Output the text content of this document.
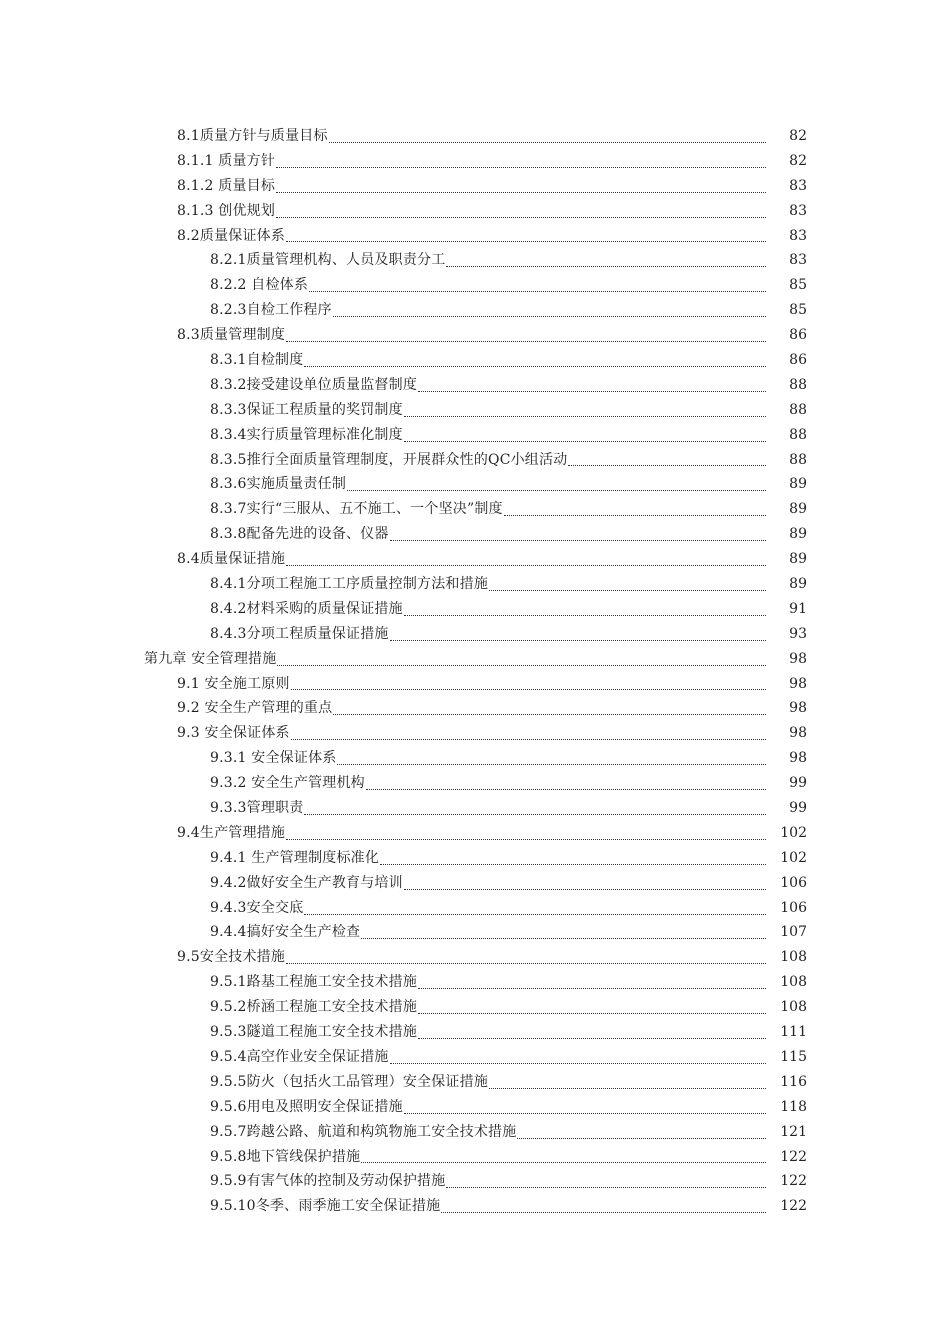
8.1质量方针与质量目标	82
8.1.1 质量方针	82
8.1.2 质量目标	83
8.1.3 创优规划	83
8.2质量保证体系	83
8.2.1质量管理机构、人员及职责分工	83
8.2.2 自检体系	85
8.2.3自检工作程序	85
8.3质量管理制度	86
8.3.1自检制度	86
8.3.2接受建设单位质量监督制度	88
8.3.3保证工程质量的奖罚制度	88
8.3.4实行质量管理标准化制度	88
8.3.5推行全面质量管理制度，开展群众性的QC小组活动	88
8.3.6实施质量责任制	89
8.3.7实行“三服从、五不施工、一个坚决”制度	89
8.3.8配备先进的设备、仪器	89
8.4质量保证措施	89
8.4.1分项工程施工工序质量控制方法和措施	89
8.4.2材料采购的质量保证措施	91
8.4.3分项工程质量保证措施	93
第九章 安全管理措施	98
9.1 安全施工原则	98
9.2 安全生产管理的重点	98
9.3 安全保证体系	98
9.3.1 安全保证体系	98
9.3.2 安全生产管理机构	99
9.3.3管理职责	99
9.4生产管理措施	102
9.4.1 生产管理制度标准化	102
9.4.2做好安全生产教育与培训	106
9.4.3安全交底	106
9.4.4搞好安全生产检查	107
9.5安全技术措施	108
9.5.1路基工程施工安全技术措施	108
9.5.2桥涵工程施工安全技术措施	108
9.5.3隧道工程施工安全技术措施	111
9.5.4高空作业安全保证措施	115
9.5.5防火（包括火工品管理）安全保证措施	116
9.5.6用电及照明安全保证措施	118
9.5.7跨越公路、航道和构筑物施工安全技术措施	121
9.5.8地下管线保护措施	122
9.5.9有害气体的控制及劳动保护措施	122
9.5.10冬季、雨季施工安全保证措施	122
